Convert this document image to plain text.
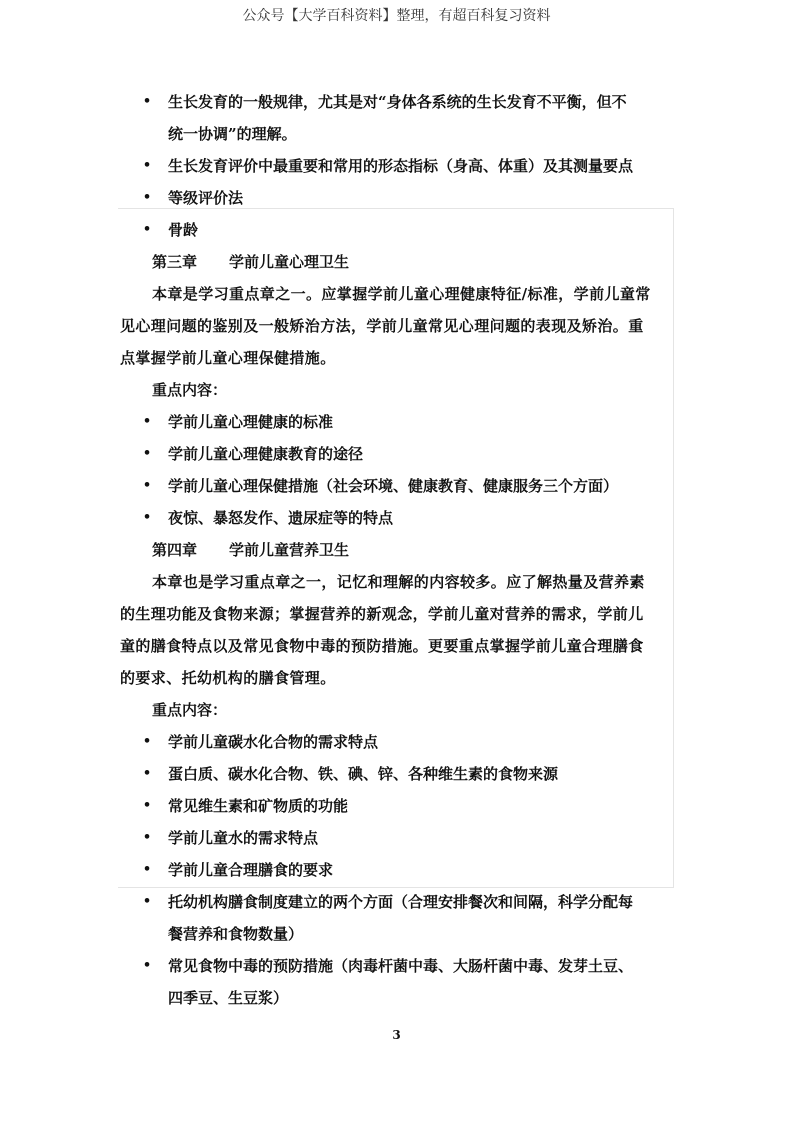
公众号【大学百科资料】整理，有超百科复习资料
• 生长发育的一般规律，尤其是对“身体各系统的生长发育不平衡，但不
统一协调”的理解。
• 生长发育评价中最重要和常用的形态指标（身高、体重）及其测量要点
• 等级评价法
• 骨龄
第三章 学前儿童心理卫生
本章是学习重点章之一。应掌握学前儿童心理健康特征/标准，学前儿童常
见心理问题的鉴别及一般矫治方法，学前儿童常见心理问题的表现及矫治。重
点掌握学前儿童心理保健措施。
重点内容：
• 学前儿童心理健康的标准
• 学前儿童心理健康教育的途径
• 学前儿童心理保健措施（社会环境、健康教育、健康服务三个方面）
• 夜惊、暴怒发作、遗尿症等的特点
第四章 学前儿童营养卫生
本章也是学习重点章之一，记忆和理解的内容较多。应了解热量及营养素
的生理功能及食物来源；掌握营养的新观念，学前儿童对营养的需求，学前儿
童的膳食特点以及常见食物中毒的预防措施。更要重点掌握学前儿童合理膳食
的要求、托幼机构的膳食管理。
重点内容：
• 学前儿童碳水化合物的需求特点
• 蛋白质、碳水化合物、铁、碘、锌、各种维生素的食物来源
• 常见维生素和矿物质的功能
• 学前儿童水的需求特点
• 学前儿童合理膳食的要求
• 托幼机构膳食制度建立的两个方面（合理安排餐次和间隔，科学分配每
餐营养和食物数量）
• 常见食物中毒的预防措施（肉毒杆菌中毒、大肠杆菌中毒、发芽土豆、
四季豆、生豆浆）
3
